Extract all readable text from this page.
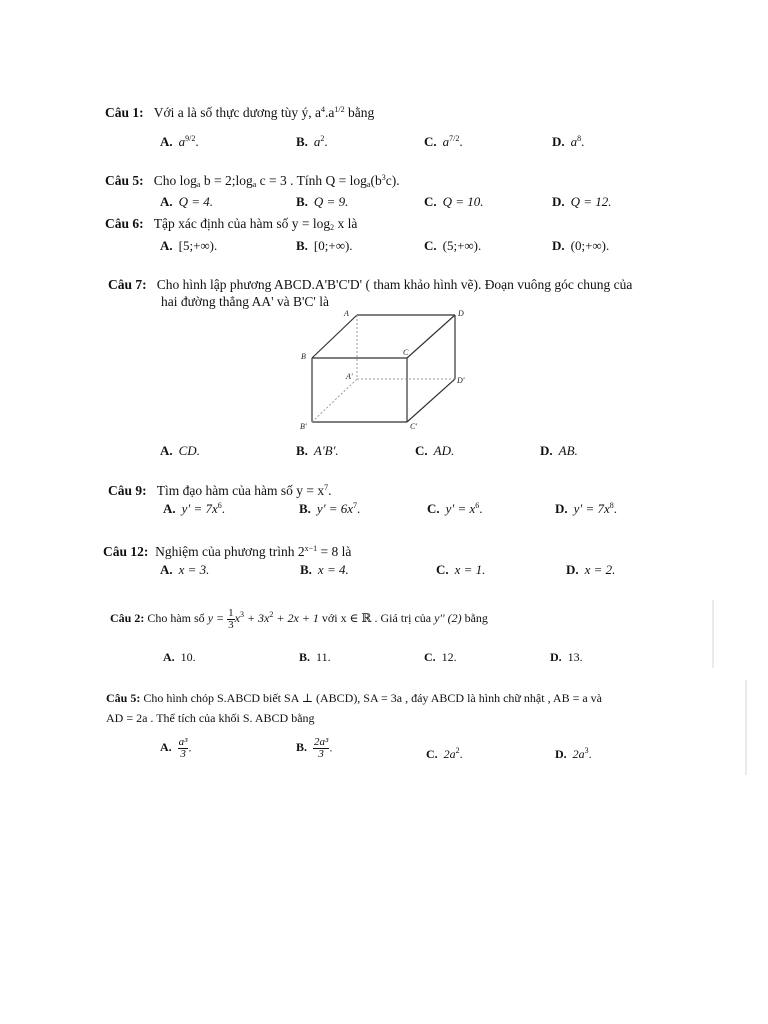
Câu 1: Với a là số thực dương tùy ý, $a^4.a^{1/2}$ bằng
A. $a^{9/2}$.	B. $a^2$.	C. $a^{7/2}$.	D. $a^8$.
Câu 5: Cho $\log_a b$ = $2;\log_a$ c = 3 . Tính $Q = \log_a(b^3c)$.
A. Q = 4.	B. Q = 9.	C. Q = 10.	D. Q = 12.
Câu 6: Tập xác định của hàm số $y = \log_2 x$ là
A. [5;+∞).	B. [0;+∞).	C. (5;+∞).	D. (0;+∞).
Câu 7: Cho hình lập phương ABCD.A'B'C'D' ( tham khảo hình vẽ). Đoạn vuông góc chung của
hai đường thẳng AA' và B'C' là
A	D
B	C
A'	D'
B'	C'
A. CD.	B. A'B'.	C. AD.	D. AB.
Câu 9: Tìm đạo hàm của hàm số $y = x^7$.
A. $y' = 7x^6$.	B. $y' = 6x^7$.	C. $y' = x^6$.	D. $y' = 7x^8$.
Câu 12: Nghiệm của phương trình $2^{x-1} = 8$ là
A. x = 3.	B. x = 4.	C. x = 1.	D. x = 2.
Câu 2: Cho hàm số $y = \frac{1}{3} x^3 + 3x^2 + 2x + 1$ với x ∈ ℝ . Giá trị của y'' (2) bằng
A. 10.	B. 11.	C. 12.	D. 13.
Câu 5: Cho hình chóp S.ABCD biết SA ⊥ (ABCD), SA = 3a , đáy ABCD là hình chữ nhật , AB = a và
AD = 2a . Thể tích của khối S. ABCD bằng
A. $\frac{\text{a³}}{3}$ .	B. $\frac{\text{2a³}}{3}$ .	C. $2a^2$.	D. $2a^3$.
